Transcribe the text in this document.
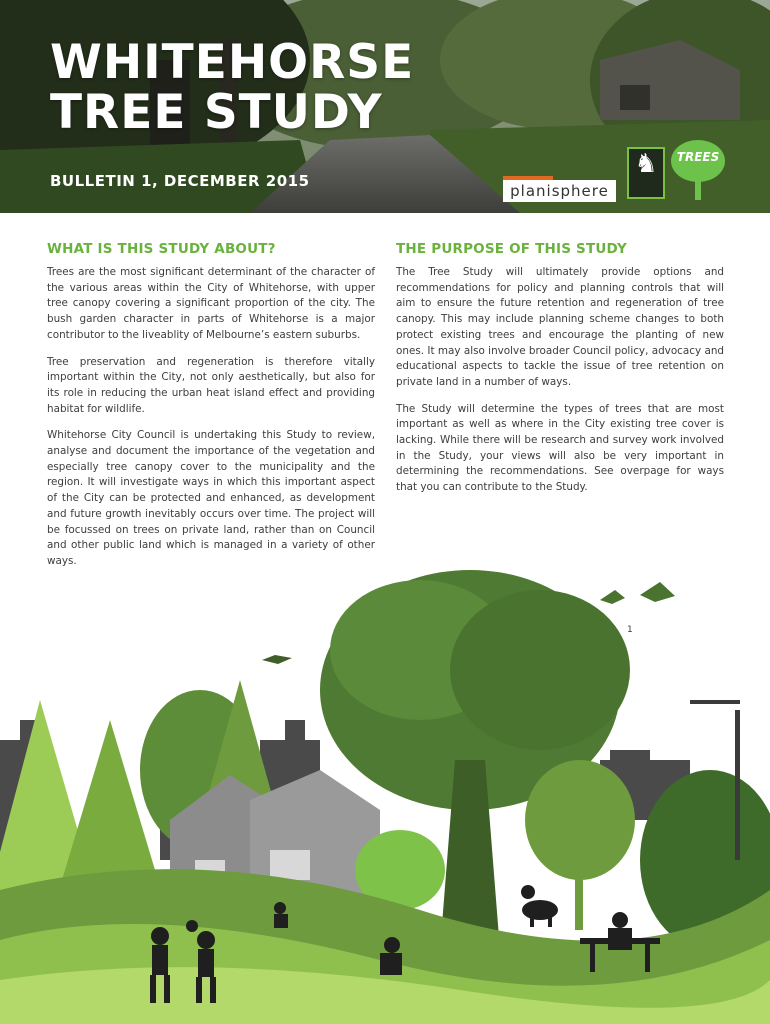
WHITEHORSE
TREE STUDY
BULLETIN 1, DECEMBER 2015
planisphere
♞	TREES
WHAT IS THIS STUDY ABOUT?

Trees are the most significant determinant of the character of the various areas within the City of Whitehorse, with upper tree canopy covering a significant proportion of the city. The bush garden character in parts of Whitehorse is a major contributor to the liveablity of Melbourne’s eastern suburbs.

Tree preservation and regeneration is therefore vitally important within the City, not only aesthetically, but also for its role in reducing the urban heat island effect and providing habitat for wildlife.

Whitehorse City Council is undertaking this Study to review, analyse and document the importance of the vegetation and especially tree canopy cover to the municipality and the region. It will investigate ways in which this important aspect of the City can be protected and enhanced, as development and future growth inevitably occurs over time. The project will be focussed on trees on private land, rather than on Council and other public land which is managed in a variety of other ways.

THE PURPOSE OF THIS STUDY

The Tree Study will ultimately provide options and recommendations for policy and planning controls that will aim to ensure the future retention and regeneration of tree canopy. This may include planning scheme changes to both protect existing trees and encourage the planting of new ones. It may also involve broader Council policy, advocacy and educational aspects to tackle the issue of tree retention on private land in a number of ways.

The Study will determine the types of trees that are most important as well as where in the City existing tree cover is lacking. While there will be research and survey work involved in the Study, your views will also be very important in determining the recommendations. See overpage for ways that you can contribute to the Study.

1
